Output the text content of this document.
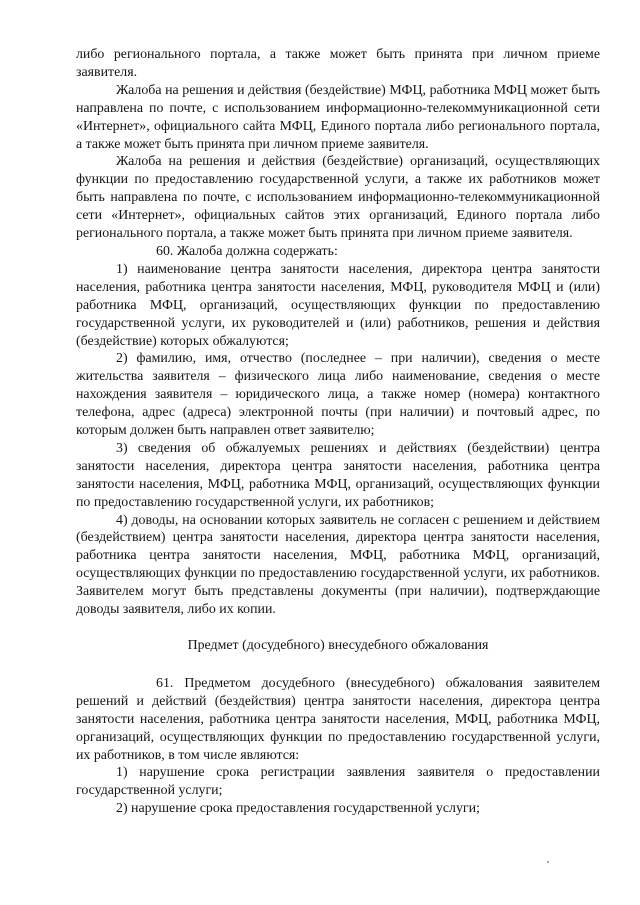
либо регионального портала, а также может быть принята при личном приеме заявителя.

Жалоба на решения и действия (бездействие) МФЦ, работника МФЦ может быть направлена по почте, с использованием информационно-телекоммуникационной сети «Интернет», официального сайта МФЦ, Единого портала либо регионального портала, а также может быть принята при личном приеме заявителя.

Жалоба на решения и действия (бездействие) организаций, осуществляющих функции по предоставлению государственной услуги, а также их работников может быть направлена по почте, с использованием информационно-телекоммуникационной сети «Интернет», официальных сайтов этих организаций, Единого портала либо регионального портала, а также может быть принята при личном приеме заявителя.

60. Жалоба должна содержать:

1) наименование центра занятости населения, директора центра занятости населения, работника центра занятости населения, МФЦ, руководителя МФЦ и (или) работника МФЦ, организаций, осуществляющих функции по предоставлению государственной услуги, их руководителей и (или) работников, решения и действия (бездействие) которых обжалуются;

2) фамилию, имя, отчество (последнее – при наличии), сведения о месте жительства заявителя – физического лица либо наименование, сведения о месте нахождения заявителя – юридического лица, а также номер (номера) контактного телефона, адрес (адреса) электронной почты (при наличии) и почтовый адрес, по которым должен быть направлен ответ заявителю;

3) сведения об обжалуемых решениях и действиях (бездействии) центра занятости населения, директора центра занятости населения, работника центра занятости населения, МФЦ, работника МФЦ, организаций, осуществляющих функции по предоставлению государственной услуги, их работников;

4) доводы, на основании которых заявитель не согласен с решением и действием (бездействием) центра занятости населения, директора центра занятости населения, работника центра занятости населения, МФЦ, работника МФЦ, организаций, осуществляющих функции по предоставлению государственной услуги, их работников. Заявителем могут быть представлены документы (при наличии), подтверждающие доводы заявителя, либо их копии.

Предмет (досудебного) внесудебного обжалования

61. Предметом досудебного (внесудебного) обжалования заявителем решений и действий (бездействия) центра занятости населения, директора центра занятости населения, работника центра занятости населения, МФЦ, работника МФЦ, организаций, осуществляющих функции по предоставлению государственной услуги, их работников, в том числе являются:

1) нарушение срока регистрации заявления заявителя о предоставлении государственной услуги;

2) нарушение срока предоставления государственной услуги;
